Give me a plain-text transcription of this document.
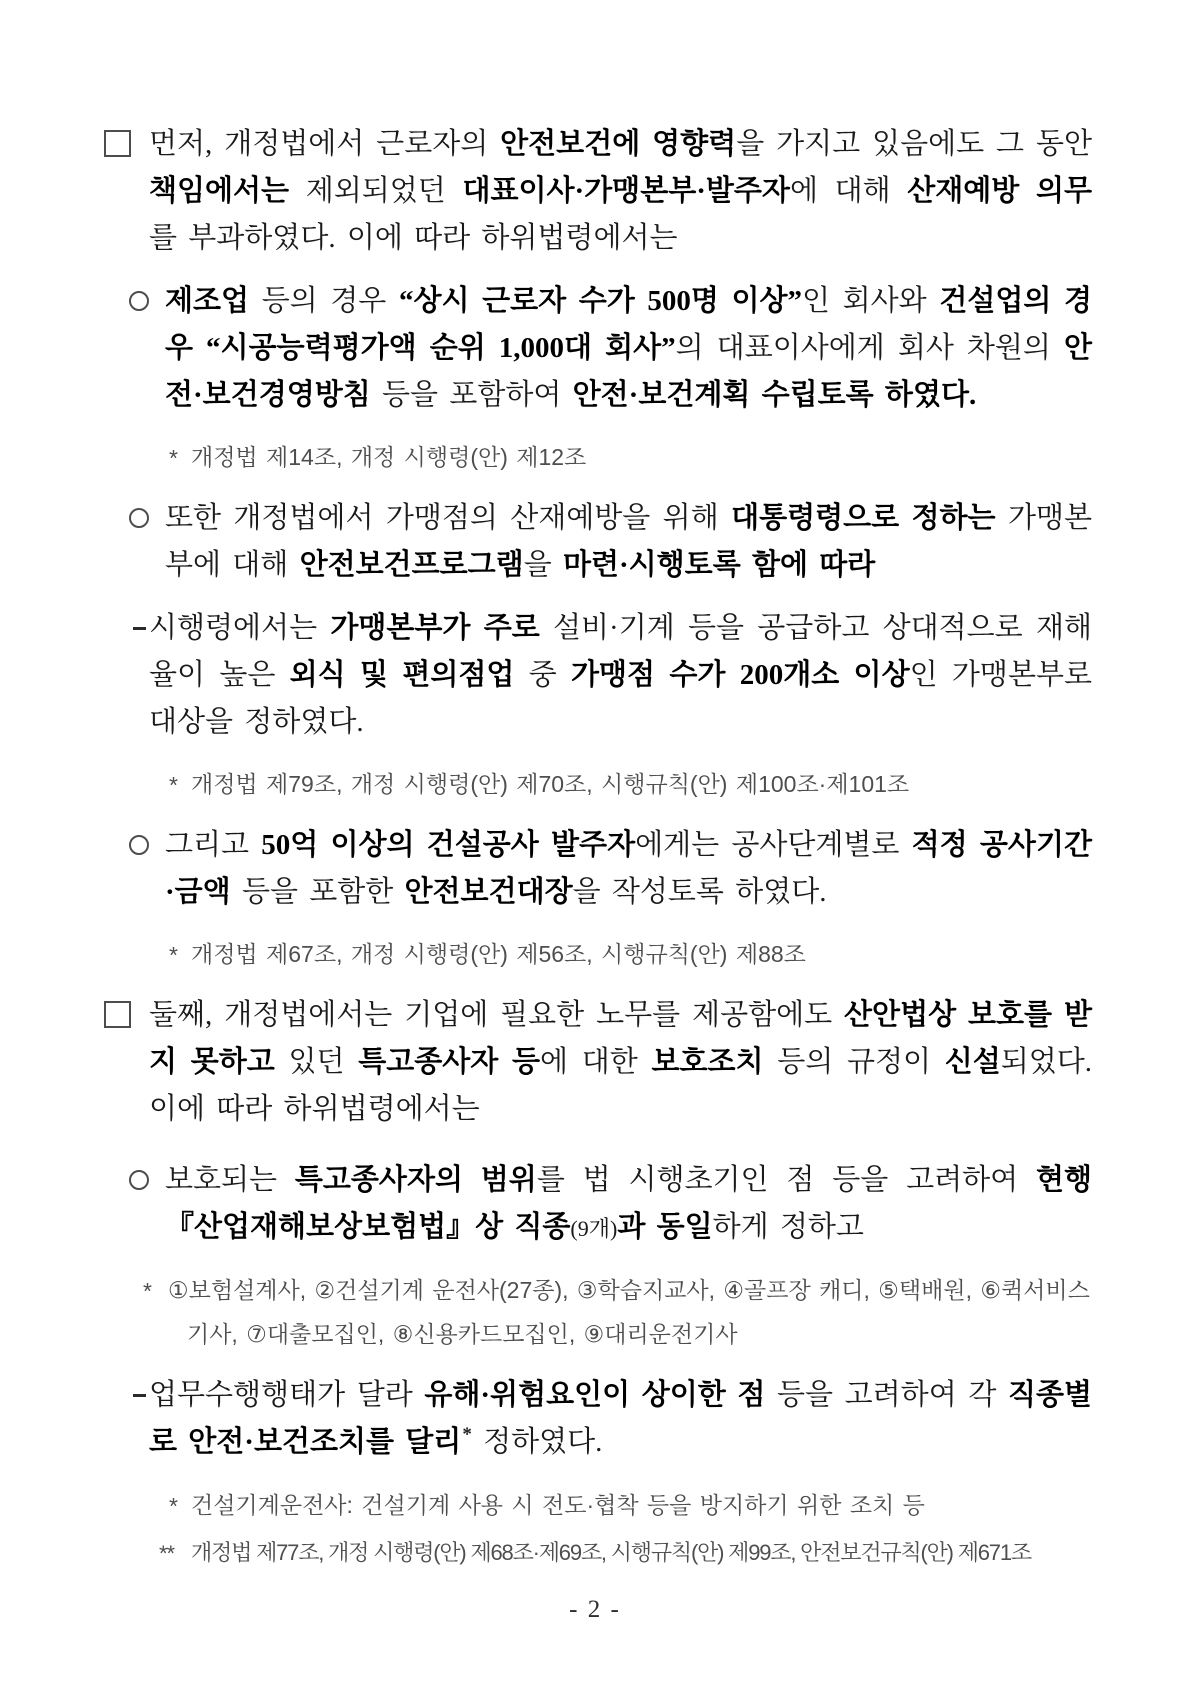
먼저, 개정법에서 근로자의 안전보건에 영향력을 가지고 있음에도 그 동안 책임에서는 제외되었던 대표이사·가맹본부·발주자에 대해 산재예방 의무를 부과하였다. 이에 따라 하위법령에서는
제조업 등의 경우 “상시 근로자 수가 500명 이상”인 회사와 건설업의 경우 “시공능력평가액 순위 1,000대 회사”의 대표이사에게 회사 차원의 안전·보건경영방침 등을 포함하여 안전·보건계획 수립토록 하였다.
* 개정법 제14조, 개정 시행령(안) 제12조
또한 개정법에서 가맹점의 산재예방을 위해 대통령령으로 정하는 가맹본부에 대해 안전보건프로그램을 마련·시행토록 함에 따라
시행령에서는 가맹본부가 주로 설비·기계 등을 공급하고 상대적으로 재해율이 높은 외식 및 편의점업 중 가맹점 수가 200개소 이상인 가맹본부로 대상을 정하였다.
* 개정법 제79조, 개정 시행령(안) 제70조, 시행규칙(안) 제100조·제101조
그리고 50억 이상의 건설공사 발주자에게는 공사단계별로 적정 공사기간·금액 등을 포함한 안전보건대장을 작성토록 하였다.
* 개정법 제67조, 개정 시행령(안) 제56조, 시행규칙(안) 제88조
둘째, 개정법에서는 기업에 필요한 노무를 제공함에도 산안법상 보호를 받지 못하고 있던 특고종사자 등에 대한 보호조치 등의 규정이 신설되었다. 이에 따라 하위법령에서는
보호되는 특고종사자의 범위를 법 시행초기인 점 등을 고려하여 현행 『산업재해보상보험법』상 직종(9개)과 동일하게 정하고
* ①보험설계사, ②건설기계 운전사(27종), ③학습지교사, ④골프장 캐디, ⑤택배원, ⑥퀵서비스기사, ⑦대출모집인, ⑧신용카드모집인, ⑨대리운전기사
업무수행행태가 달라 유해·위험요인이 상이한 점 등을 고려하여 각 직종별로 안전·보건조치를 달리* 정하였다.
* 건설기계운전사: 건설기계 사용 시 전도·협착 등을 방지하기 위한 조치 등
** 개정법 제77조, 개정 시행령(안) 제68조·제69조, 시행규칙(안) 제99조, 안전보건규칙(안) 제671조
- 2 -
